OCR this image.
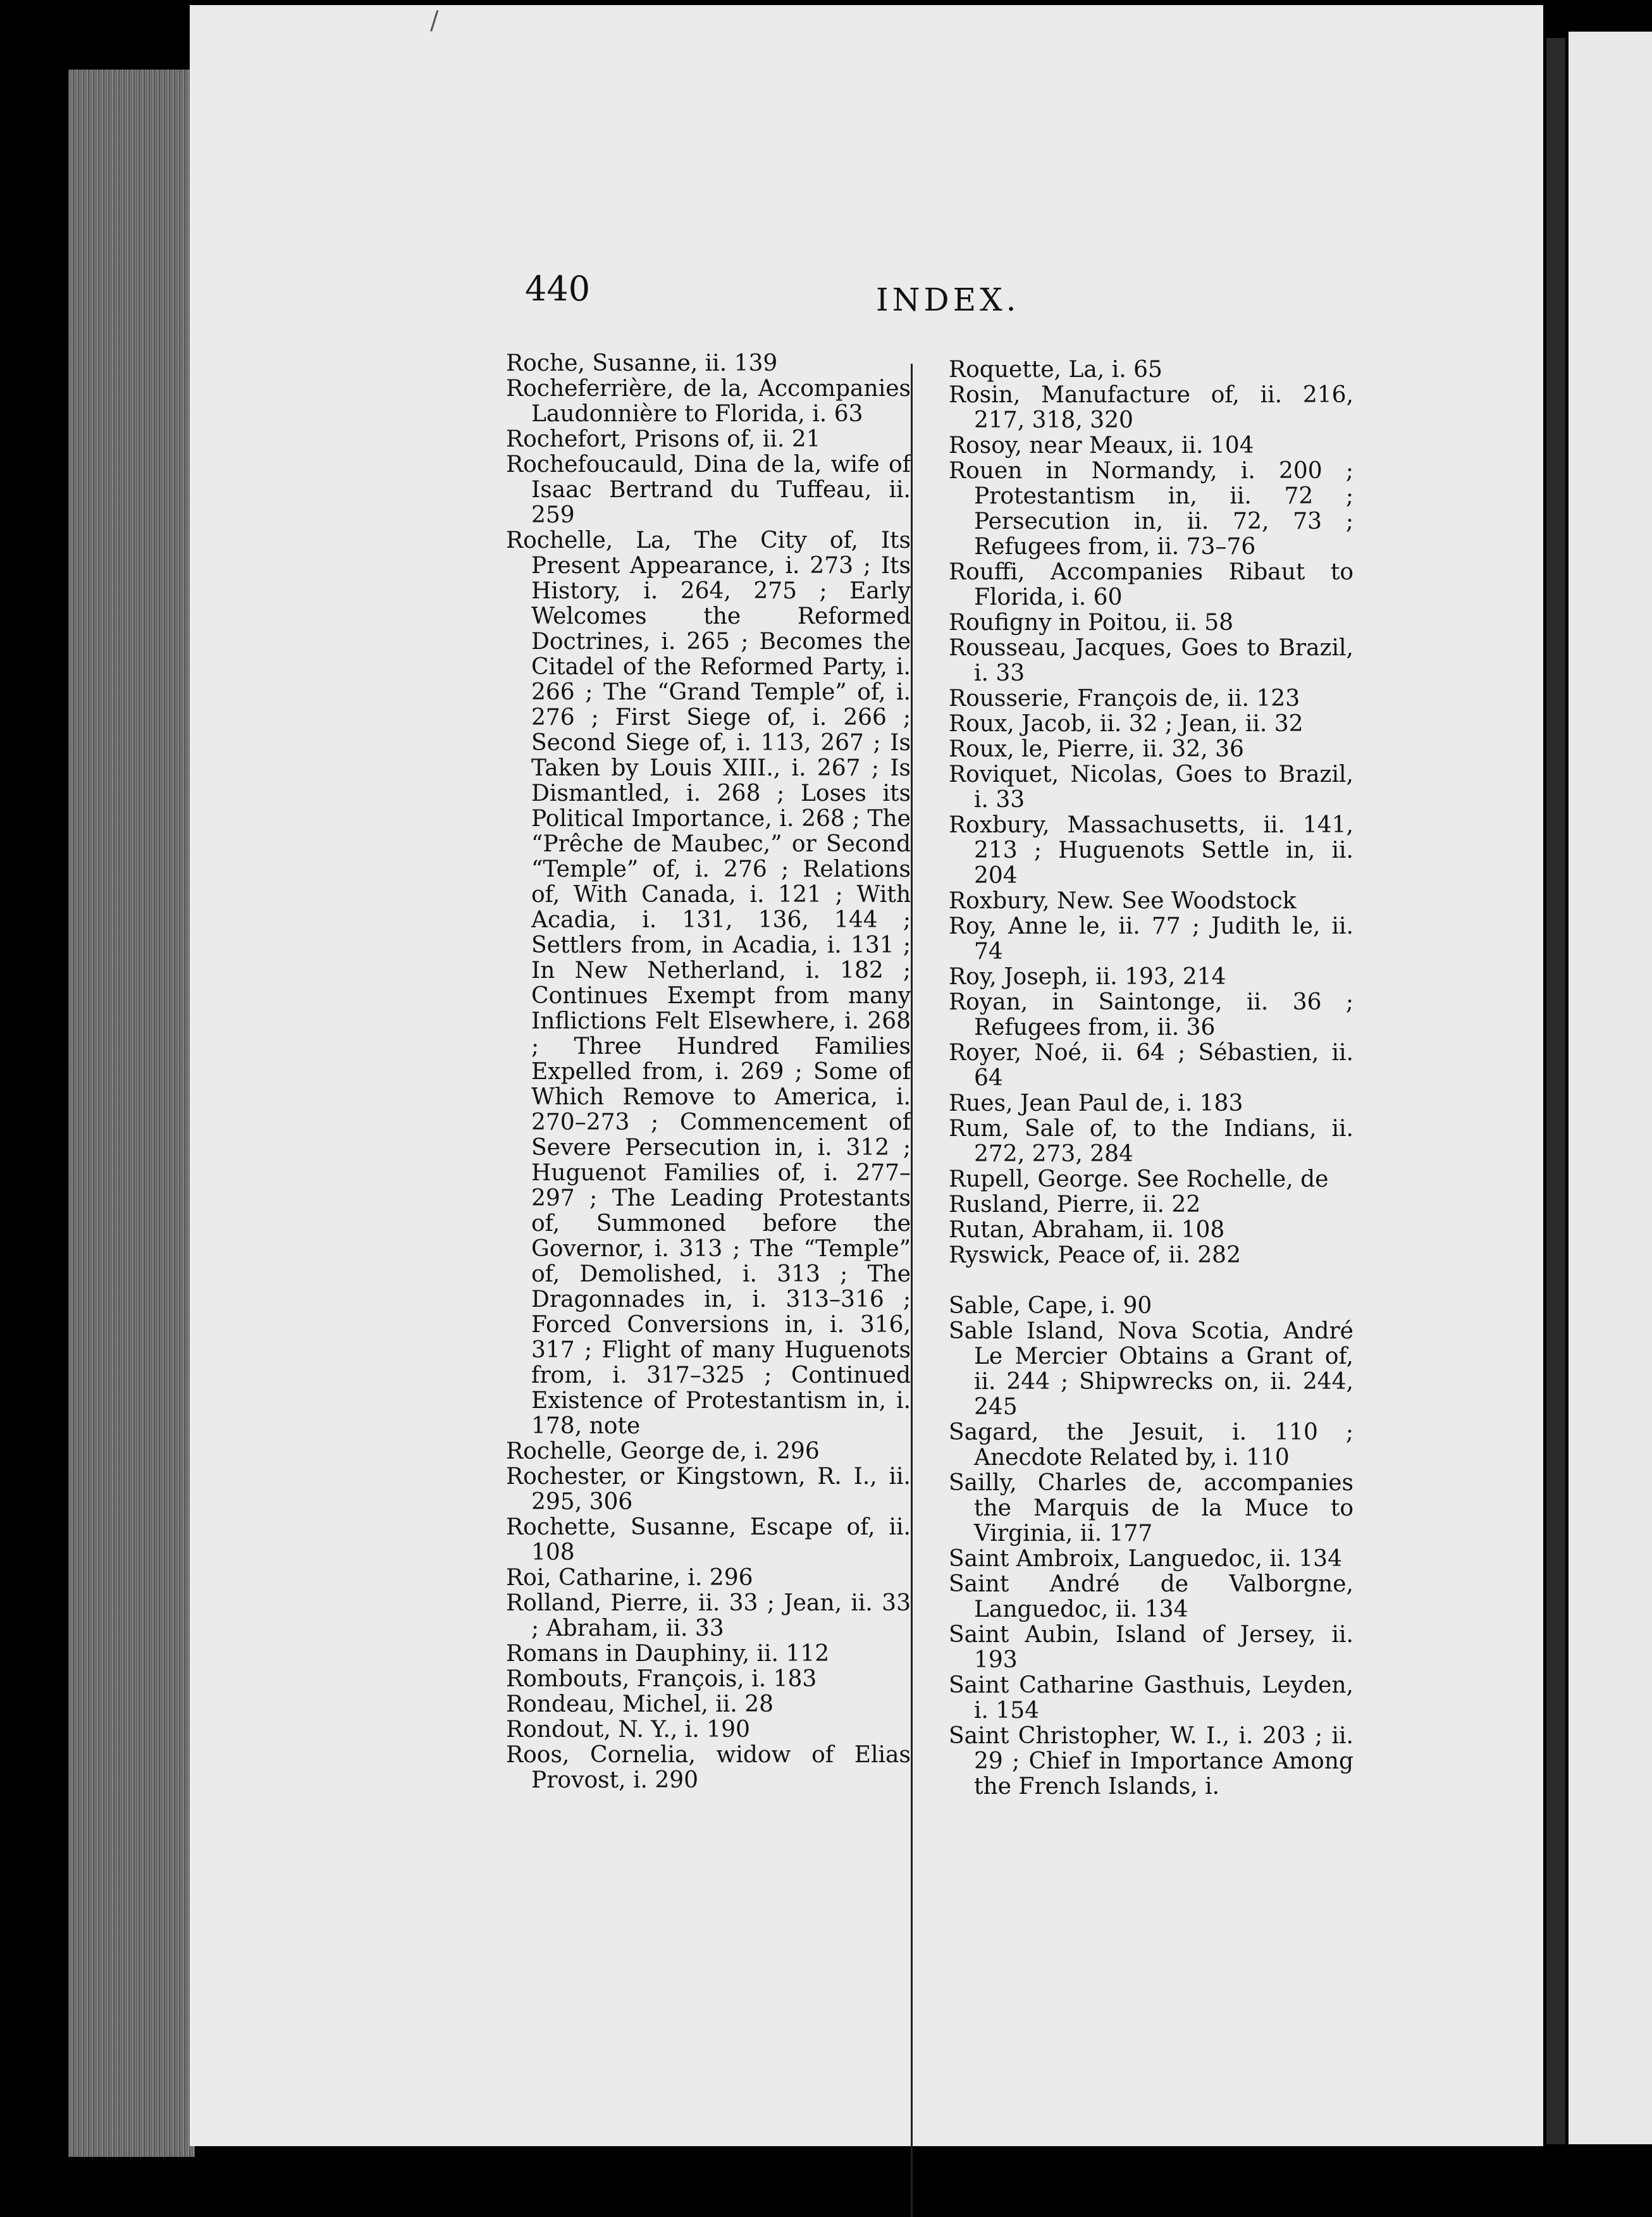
/
440	INDEX.

Roche, Susanne, ii. 139

Rocheferrière, de la, Accompanies Laudonnière to Florida, i. 63

Rochefort, Prisons of, ii. 21

Rochefoucauld, Dina de la, wife of Isaac Bertrand du Tuffeau, ii. 259

Rochelle, La, The City of, Its Present Appearance, i. 273 ; Its History, i. 264, 275 ; Early Welcomes the Reformed Doctrines, i. 265 ; Becomes the Citadel of the Reformed Party, i. 266 ; The “Grand Temple” of, i. 276 ; First Siege of, i. 266 ; Second Siege of, i. 113, 267 ; Is Taken by Louis XIII., i. 267 ; Is Dismantled, i. 268 ; Loses its Political Importance, i. 268 ; The “Prêche de Maubec,” or Second “Temple” of, i. 276 ; Relations of, With Canada, i. 121 ; With Acadia, i. 131, 136, 144 ; Settlers from, in Acadia, i. 131 ; In New Netherland, i. 182 ; Continues Exempt from many Inflictions Felt Elsewhere, i. 268 ; Three Hundred Families Expelled from, i. 269 ; Some of Which Remove to America, i. 270–273 ; Commencement of Severe Persecution in, i. 312 ; Huguenot Families of, i. 277–297 ; The Leading Protestants of, Summoned before the Governor, i. 313 ; The “Temple” of, Demolished, i. 313 ; The Dragonnades in, i. 313–316 ; Forced Conversions in, i. 316, 317 ; Flight of many Huguenots from, i. 317–325 ; Continued Existence of Protestantism in, i. 178, note

Rochelle, George de, i. 296

Rochester, or Kingstown, R. I., ii. 295, 306

Rochette, Susanne, Escape of, ii. 108

Roi, Catharine, i. 296

Rolland, Pierre, ii. 33 ; Jean, ii. 33 ; Abraham, ii. 33

Romans in Dauphiny, ii. 112

Rombouts, François, i. 183

Rondeau, Michel, ii. 28

Rondout, N. Y., i. 190

Roos, Cornelia, widow of Elias Provost, i. 290

Roquette, La, i. 65

Rosin, Manufacture of, ii. 216, 217, 318, 320

Rosoy, near Meaux, ii. 104

Rouen in Normandy, i. 200 ; Protestantism in, ii. 72 ; Persecution in, ii. 72, 73 ; Refugees from, ii. 73–76

Rouffi, Accompanies Ribaut to Florida, i. 60

Roufigny in Poitou, ii. 58

Rousseau, Jacques, Goes to Brazil, i. 33

Rousserie, François de, ii. 123

Roux, Jacob, ii. 32 ; Jean, ii. 32

Roux, le, Pierre, ii. 32, 36

Roviquet, Nicolas, Goes to Brazil, i. 33

Roxbury, Massachusetts, ii. 141, 213 ; Huguenots Settle in, ii. 204

Roxbury, New. See Woodstock

Roy, Anne le, ii. 77 ; Judith le, ii. 74

Roy, Joseph, ii. 193, 214

Royan, in Saintonge, ii. 36 ; Refugees from, ii. 36

Royer, Noé, ii. 64 ; Sébastien, ii. 64

Rues, Jean Paul de, i. 183

Rum, Sale of, to the Indians, ii. 272, 273, 284

Rupell, George. See Rochelle, de

Rusland, Pierre, ii. 22

Rutan, Abraham, ii. 108

Ryswick, Peace of, ii. 282

Sable, Cape, i. 90

Sable Island, Nova Scotia, André Le Mercier Obtains a Grant of, ii. 244 ; Shipwrecks on, ii. 244, 245

Sagard, the Jesuit, i. 110 ; Anecdote Related by, i. 110

Sailly, Charles de, accompanies the Marquis de la Muce to Virginia, ii. 177

Saint Ambroix, Languedoc, ii. 134

Saint André de Valborgne, Languedoc, ii. 134

Saint Aubin, Island of Jersey, ii. 193

Saint Catharine Gasthuis, Leyden, i. 154

Saint Christopher, W. I., i. 203 ; ii. 29 ; Chief in Importance Among the French Islands, i.
